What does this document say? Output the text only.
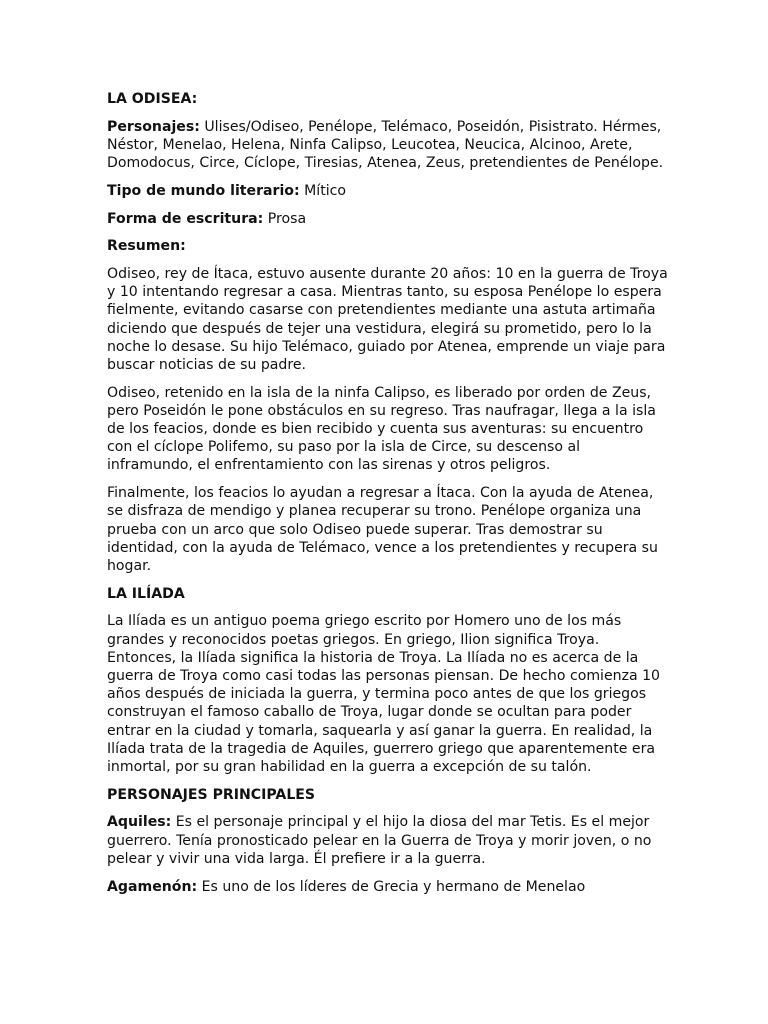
LA ODISEA:

Personajes: Ulises/Odiseo, Penélope, Telémaco, Poseidón, Pisistrato. Hérmes, Néstor, Menelao, Helena, Ninfa Calipso, Leucotea, Neucica, Alcinoo, Arete, Domodocus, Circe, Cíclope, Tiresias, Atenea, Zeus, pretendientes de Penélope.

Tipo de mundo literario: Mítico

Forma de escritura: Prosa

Resumen:

Odiseo, rey de Ítaca, estuvo ausente durante 20 años: 10 en la guerra de Troya y 10 intentando regresar a casa. Mientras tanto, su esposa Penélope lo espera fielmente, evitando casarse con pretendientes mediante una astuta artimaña diciendo que después de tejer una vestidura, elegirá su prometido, pero lo la noche lo desase. Su hijo Telémaco, guiado por Atenea, emprende un viaje para buscar noticias de su padre.

Odiseo, retenido en la isla de la ninfa Calipso, es liberado por orden de Zeus, pero Poseidón le pone obstáculos en su regreso. Tras naufragar, llega a la isla de los feacios, donde es bien recibido y cuenta sus aventuras: su encuentro con el cíclope Polifemo, su paso por la isla de Circe, su descenso al inframundo, el enfrentamiento con las sirenas y otros peligros.

Finalmente, los feacios lo ayudan a regresar a Ítaca. Con la ayuda de Atenea, se disfraza de mendigo y planea recuperar su trono. Penélope organiza una prueba con un arco que solo Odiseo puede superar. Tras demostrar su identidad, con la ayuda de Telémaco, vence a los pretendientes y recupera su hogar.

LA ILÍADA

La Ilíada es un antiguo poema griego escrito por Homero uno de los más grandes y reconocidos poetas griegos. En griego, Ilion significa Troya. Entonces, la Ilíada significa la historia de Troya. La Ilíada no es acerca de la guerra de Troya como casi todas las personas piensan. De hecho comienza 10 años después de iniciada la guerra, y termina poco antes de que los griegos construyan el famoso caballo de Troya, lugar donde se ocultan para poder entrar en la ciudad y tomarla, saquearla y así ganar la guerra. En realidad, la Ilíada trata de la tragedia de Aquiles, guerrero griego que aparentemente era inmortal, por su gran habilidad en la guerra a excepción de su talón.

PERSONAJES PRINCIPALES

Aquiles: Es el personaje principal y el hijo la diosa del mar Tetis. Es el mejor guerrero. Tenía pronosticado pelear en la Guerra de Troya y morir joven, o no pelear y vivir una vida larga. Él prefiere ir a la guerra.

Agamenón: Es uno de los líderes de Grecia y hermano de Menelao
